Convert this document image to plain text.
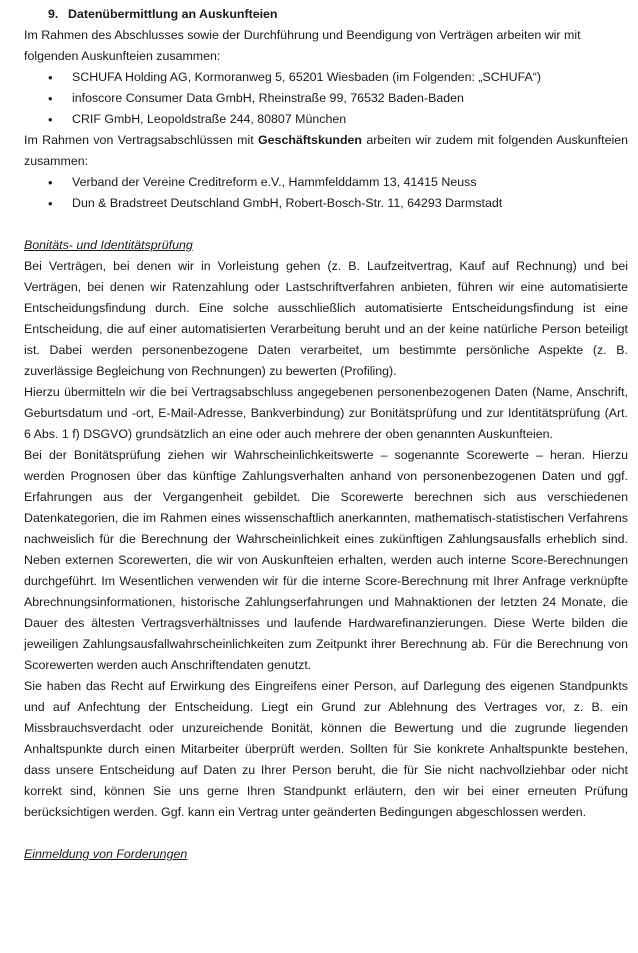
9. Datenübermittlung an Auskunfteien

Im Rahmen des Abschlusses sowie der Durchführung und Beendigung von Verträgen arbeiten wir mit folgenden Auskunfteien zusammen:

• SCHUFA Holding AG, Kormoranweg 5, 65201 Wiesbaden (im Folgenden: „SCHUFA“)
• infoscore Consumer Data GmbH, Rheinstraße 99, 76532 Baden-Baden
• CRIF GmbH, Leopoldstraße 244, 80807 München

Im Rahmen von Vertragsabschlüssen mit Geschäftskunden arbeiten wir zudem mit folgenden Auskunfteien zusammen:

• Verband der Vereine Creditreform e.V., Hammfelddamm 13, 41415 Neuss
• Dun & Bradstreet Deutschland GmbH, Robert-Bosch-Str. 11, 64293 Darmstadt
Bonitäts- und Identitätsprüfung

Bei Verträgen, bei denen wir in Vorleistung gehen (z. B. Laufzeitvertrag, Kauf auf Rechnung) und bei Verträgen, bei denen wir Ratenzahlung oder Lastschriftverfahren anbieten, führen wir eine automatisierte Entscheidungsfindung durch. Eine solche ausschließlich automatisierte Entscheidungsfindung ist eine Entscheidung, die auf einer automatisierten Verarbeitung beruht und an der keine natürliche Person beteiligt ist. Dabei werden personenbezogene Daten verarbeitet, um bestimmte persönliche Aspekte (z. B. zuverlässige Begleichung von Rechnungen) zu bewerten (Profiling).

Hierzu übermitteln wir die bei Vertragsabschluss angegebenen personenbezogenen Daten (Name, Anschrift, Geburtsdatum und -ort, E-Mail-Adresse, Bankverbindung) zur Bonitätsprüfung und zur Identitätsprüfung (Art. 6 Abs. 1 f) DSGVO) grundsätzlich an eine oder auch mehrere der oben genannten Auskunfteien.

Bei der Bonitätsprüfung ziehen wir Wahrscheinlichkeitswerte – sogenannte Scorewerte – heran. Hierzu werden Prognosen über das künftige Zahlungsverhalten anhand von personenbezogenen Daten und ggf. Erfahrungen aus der Vergangenheit gebildet. Die Scorewerte berechnen sich aus verschiedenen Datenkategorien, die im Rahmen eines wissenschaftlich anerkannten, mathematisch-statistischen Verfahrens nachweislich für die Berechnung der Wahrscheinlichkeit eines zukünftigen Zahlungsausfalls erheblich sind. Neben externen Scorewerten, die wir von Auskunfteien erhalten, werden auch interne Score-Berechnungen durchgeführt. Im Wesentlichen verwenden wir für die interne Score-Berechnung mit Ihrer Anfrage verknüpfte Abrechnungsinformationen, historische Zahlungserfahrungen und Mahnaktionen der letzten 24 Monate, die Dauer des ältesten Vertragsverhältnisses und laufende Hardwarefinanzierungen. Diese Werte bilden die jeweiligen Zahlungsausfallwahrscheinlichkeiten zum Zeitpunkt ihrer Berechnung ab. Für die Berechnung von Scorewerten werden auch Anschriftendaten genutzt.

Sie haben das Recht auf Erwirkung des Eingreifens einer Person, auf Darlegung des eigenen Standpunkts und auf Anfechtung der Entscheidung. Liegt ein Grund zur Ablehnung des Vertrages vor, z. B. ein Missbrauchsverdacht oder unzureichende Bonität, können die Bewertung und die zugrunde liegenden Anhaltspunkte durch einen Mitarbeiter überprüft werden. Sollten für Sie konkrete Anhaltspunkte bestehen, dass unsere Entscheidung auf Daten zu Ihrer Person beruht, die für Sie nicht nachvollziehbar oder nicht korrekt sind, können Sie uns gerne Ihren Standpunkt erläutern, den wir bei einer erneuten Prüfung berücksichtigen werden. Ggf. kann ein Vertrag unter geänderten Bedingungen abgeschlossen werden.

Einmeldung von Forderungen
